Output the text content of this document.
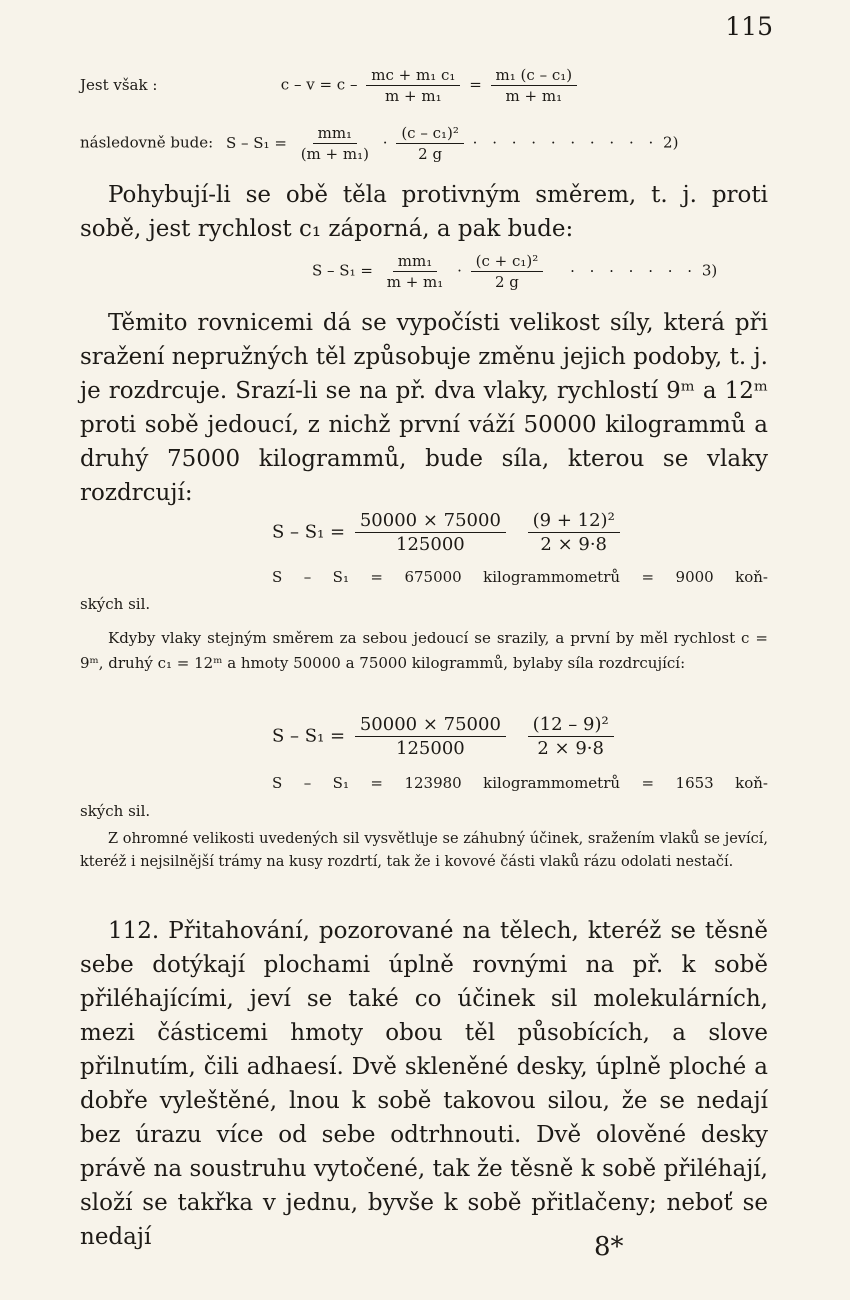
115
Jest však :	$c - v = c - \frac{\text{mc + m₁ c₁}}{\text{m + m₁}} = \frac{\text{m₁ (c – c₁)}}{\text{m + m₁}}$
následovně bude: $S - S_1 = \frac{\text{mm₁}}{\text{(m + m₁)}} \cdot \frac{\text{(c – c₁)²}}{2 g}$ · · · · · · · · · · 2)

Pohybují-li se obě těla protivným směrem, t. j. proti sobě, jest rychlost c₁ záporná, a pak bude:

$S - S_1 = \frac{\text{mm₁}}{\text{m + m₁}} \cdot \frac{\text{(c + c₁)²}}{2 g}$ · · · · · · · 3)

Těmito rovnicemi dá se vypočísti velikost síly, která při sražení nepružných těl způsobuje změnu jejich podoby, t. j. je rozdrcuje. Srazí-li se na př. dva vlaky, rychlostí 9ᵐ a 12ᵐ proti sobě jedoucí, z nichž první váží 50000 kilogrammů a druhý 75000 kilogrammů, bude síla, kterou se vlaky rozdrcují:

$S - S_1 = \frac{50000 \times 75000}{125000}$
$\frac{\text{(9 + 12)²}}{2 \times 9\cdot 8}$
S – S₁ = 675000 kilogrammometrů = 9000 koň-
ských sil.

Kdyby vlaky stejným směrem za sebou jedoucí se srazily, a první by měl rychlost c = 9ᵐ, druhý c₁ = 12ᵐ a hmoty 50000 a 75000 kilogrammů, bylaby síla rozdrcující:

$S - S_1 = \frac{50000 \times 75000}{125000}$
$\frac{\text{(12 – 9)²}}{2 \times 9\cdot 8}$
S – S₁ = 123980 kilogrammometrů = 1653 koň-
ských sil.

Z ohromné velikosti uvedených sil vysvětluje se záhubný účinek, sražením vlaků se jevící, kteréž i nejsilnější trámy na kusy rozdrtí, tak že i kovové části vlaků rázu odolati nestačí.

112. Přitahování, pozorované na tělech, kteréž se těsně sebe dotýkají plochami úplně rovnými na př. k sobě přiléhajícími, jeví se také co účinek sil molekulárních, mezi částicemi hmoty obou těl působících, a slove přilnutím, čili adhaesí. Dvě skleněné desky, úplně ploché a dobře vyleštěné, lnou k sobě takovou silou, že se nedají bez úrazu více od sebe odtrhnouti. Dvě olověné desky právě na soustruhu vytočené, tak že těsně k sobě přiléhají, složí se takřka v jednu, byvše k sobě přitlačeny; neboť se nedají	8*
